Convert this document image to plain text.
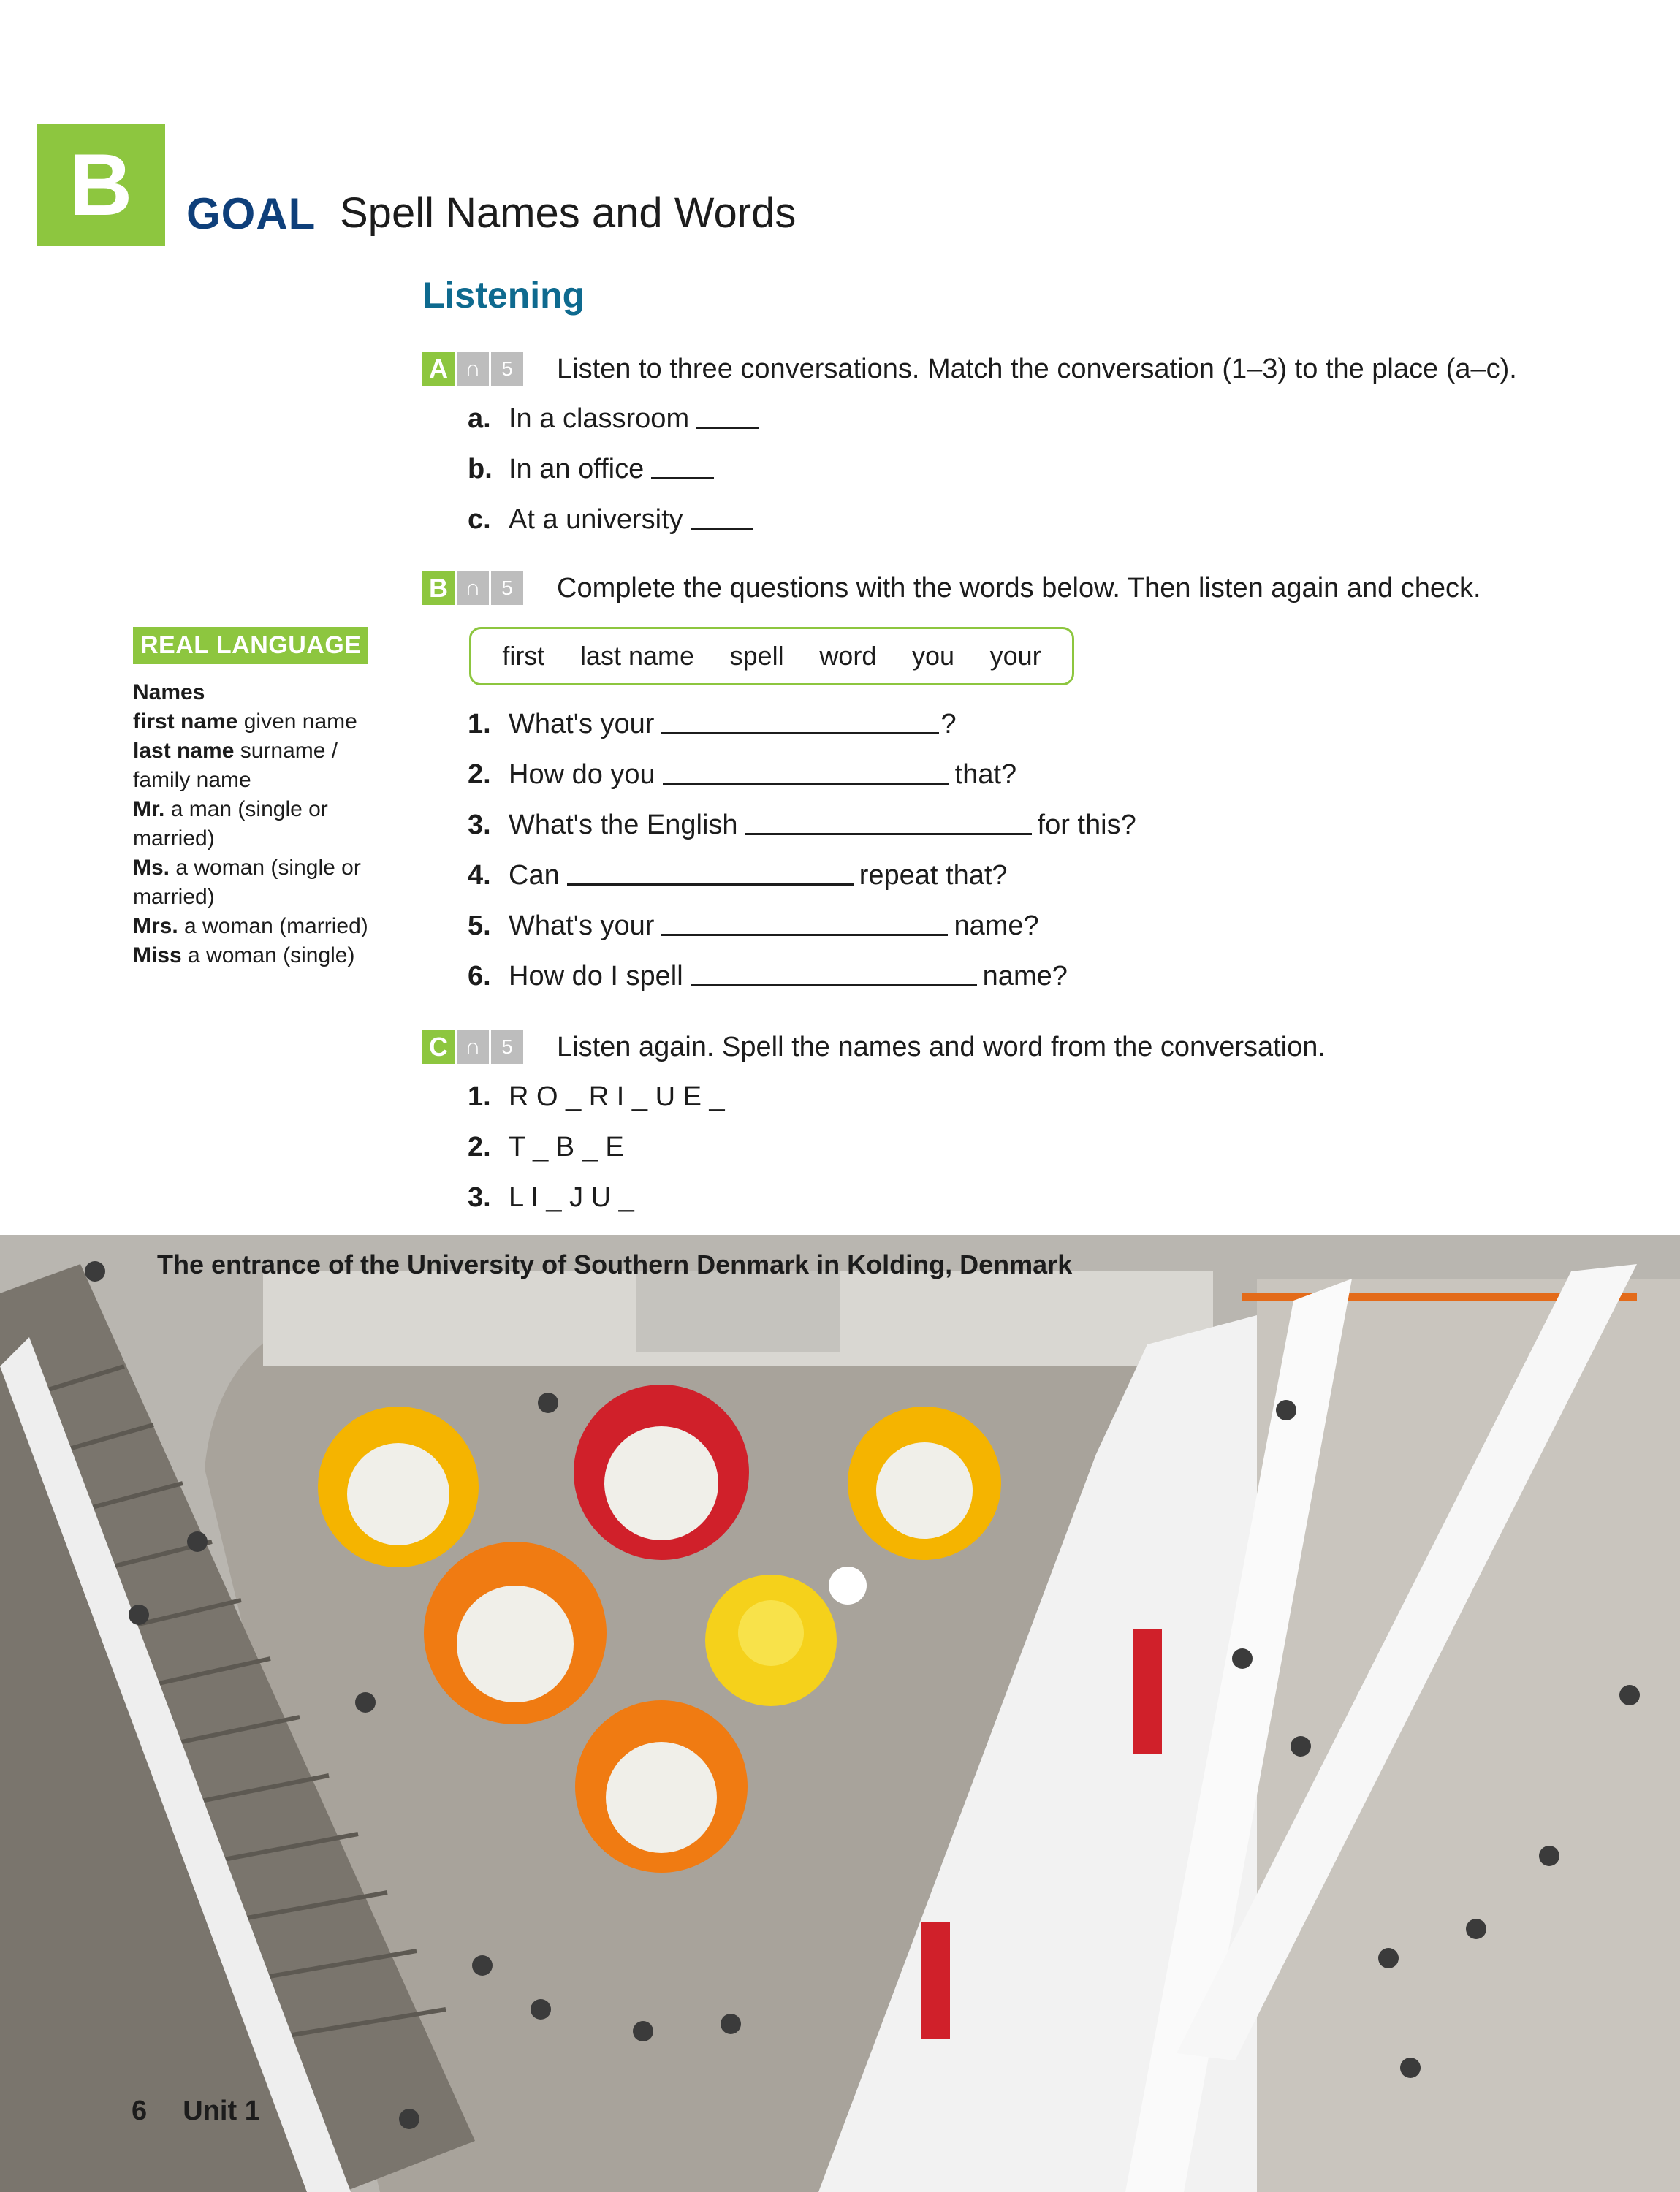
B	GOAL Spell Names and Words
Listening
A ∩	5	Listen to three conversations. Match the conversation (1–3) to the place (a–c).
a. In a classroom
b. In an office
c. At a university
B ∩	5	Complete the questions with the words below. Then listen again and check.
first last name spell word you your
1. What's your	?
2. How do you	that?
3. What's the English	for this?
4. Can	repeat that?
5. What's your	name?
6. How do I spell	name?
C ∩	5	Listen again. Spell the names and word from the conversation.
1. R O _ R I _ U E _
2. T _ B _ E
3. L I _ J U _
REAL LANGUAGE
Names
first name given name
last name surname / family name
Mr. a man (single or married)
Ms. a woman (single or married)
Mrs. a woman (married)
Miss a woman (single)
The entrance of the University of Southern Denmark in Kolding, Denmark
6 Unit 1
